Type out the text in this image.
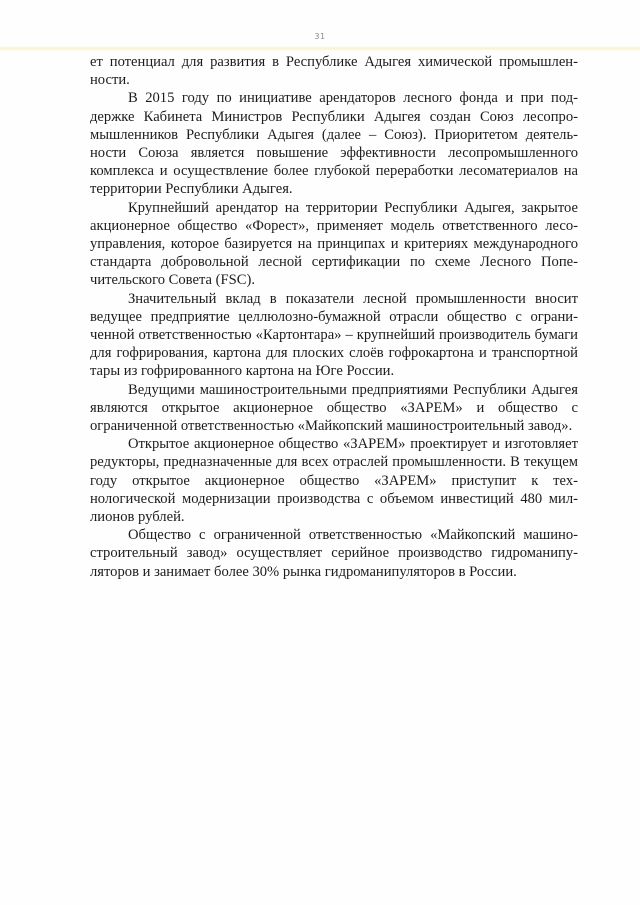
31

ет потенциал для развития в Республике Адыгея химической промышленности.

В 2015 году по инициативе арендаторов лесного фонда и при поддержке Кабинета Министров Республики Адыгея создан Союз лесопромышленников Республики Адыгея (далее – Союз). Приоритетом деятельности Союза является повышение эффективности лесопромышленного комплекса и осуществление более глубокой переработки лесоматериалов на территории Республики Адыгея.

Крупнейший арендатор на территории Республики Адыгея, закрытое акционерное общество «Форест», применяет модель ответственного лесоуправления, которое базируется на принципах и критериях международного стандарта добровольной лесной сертификации по схеме Лесного Попечительского Совета (FSC).

Значительный вклад в показатели лесной промышленности вносит ведущее предприятие целлюлозно-бумажной отрасли общество с ограниченной ответственностью «Картонтара» – крупнейший производитель бумаги для гофрирования, картона для плоских слоёв гофрокартона и транспортной тары из гофрированного картона на Юге России.

Ведущими машиностроительными предприятиями Республики Адыгея являются открытое акционерное общество «ЗАРЕМ» и общество с ограниченной ответственностью «Майкопский машиностроительный завод».

Открытое акционерное общество «ЗАРЕМ» проектирует и изготовляет редукторы, предназначенные для всех отраслей промышленности. В текущем году открытое акционерное общество «ЗАРЕМ» приступит к технологической модернизации производства с объемом инвестиций 480 миллионов рублей.

Общество с ограниченной ответственностью «Майкопский машиностроительный завод» осуществляет серийное производство гидроманипуляторов и занимает более 30% рынка гидроманипуляторов в России.
